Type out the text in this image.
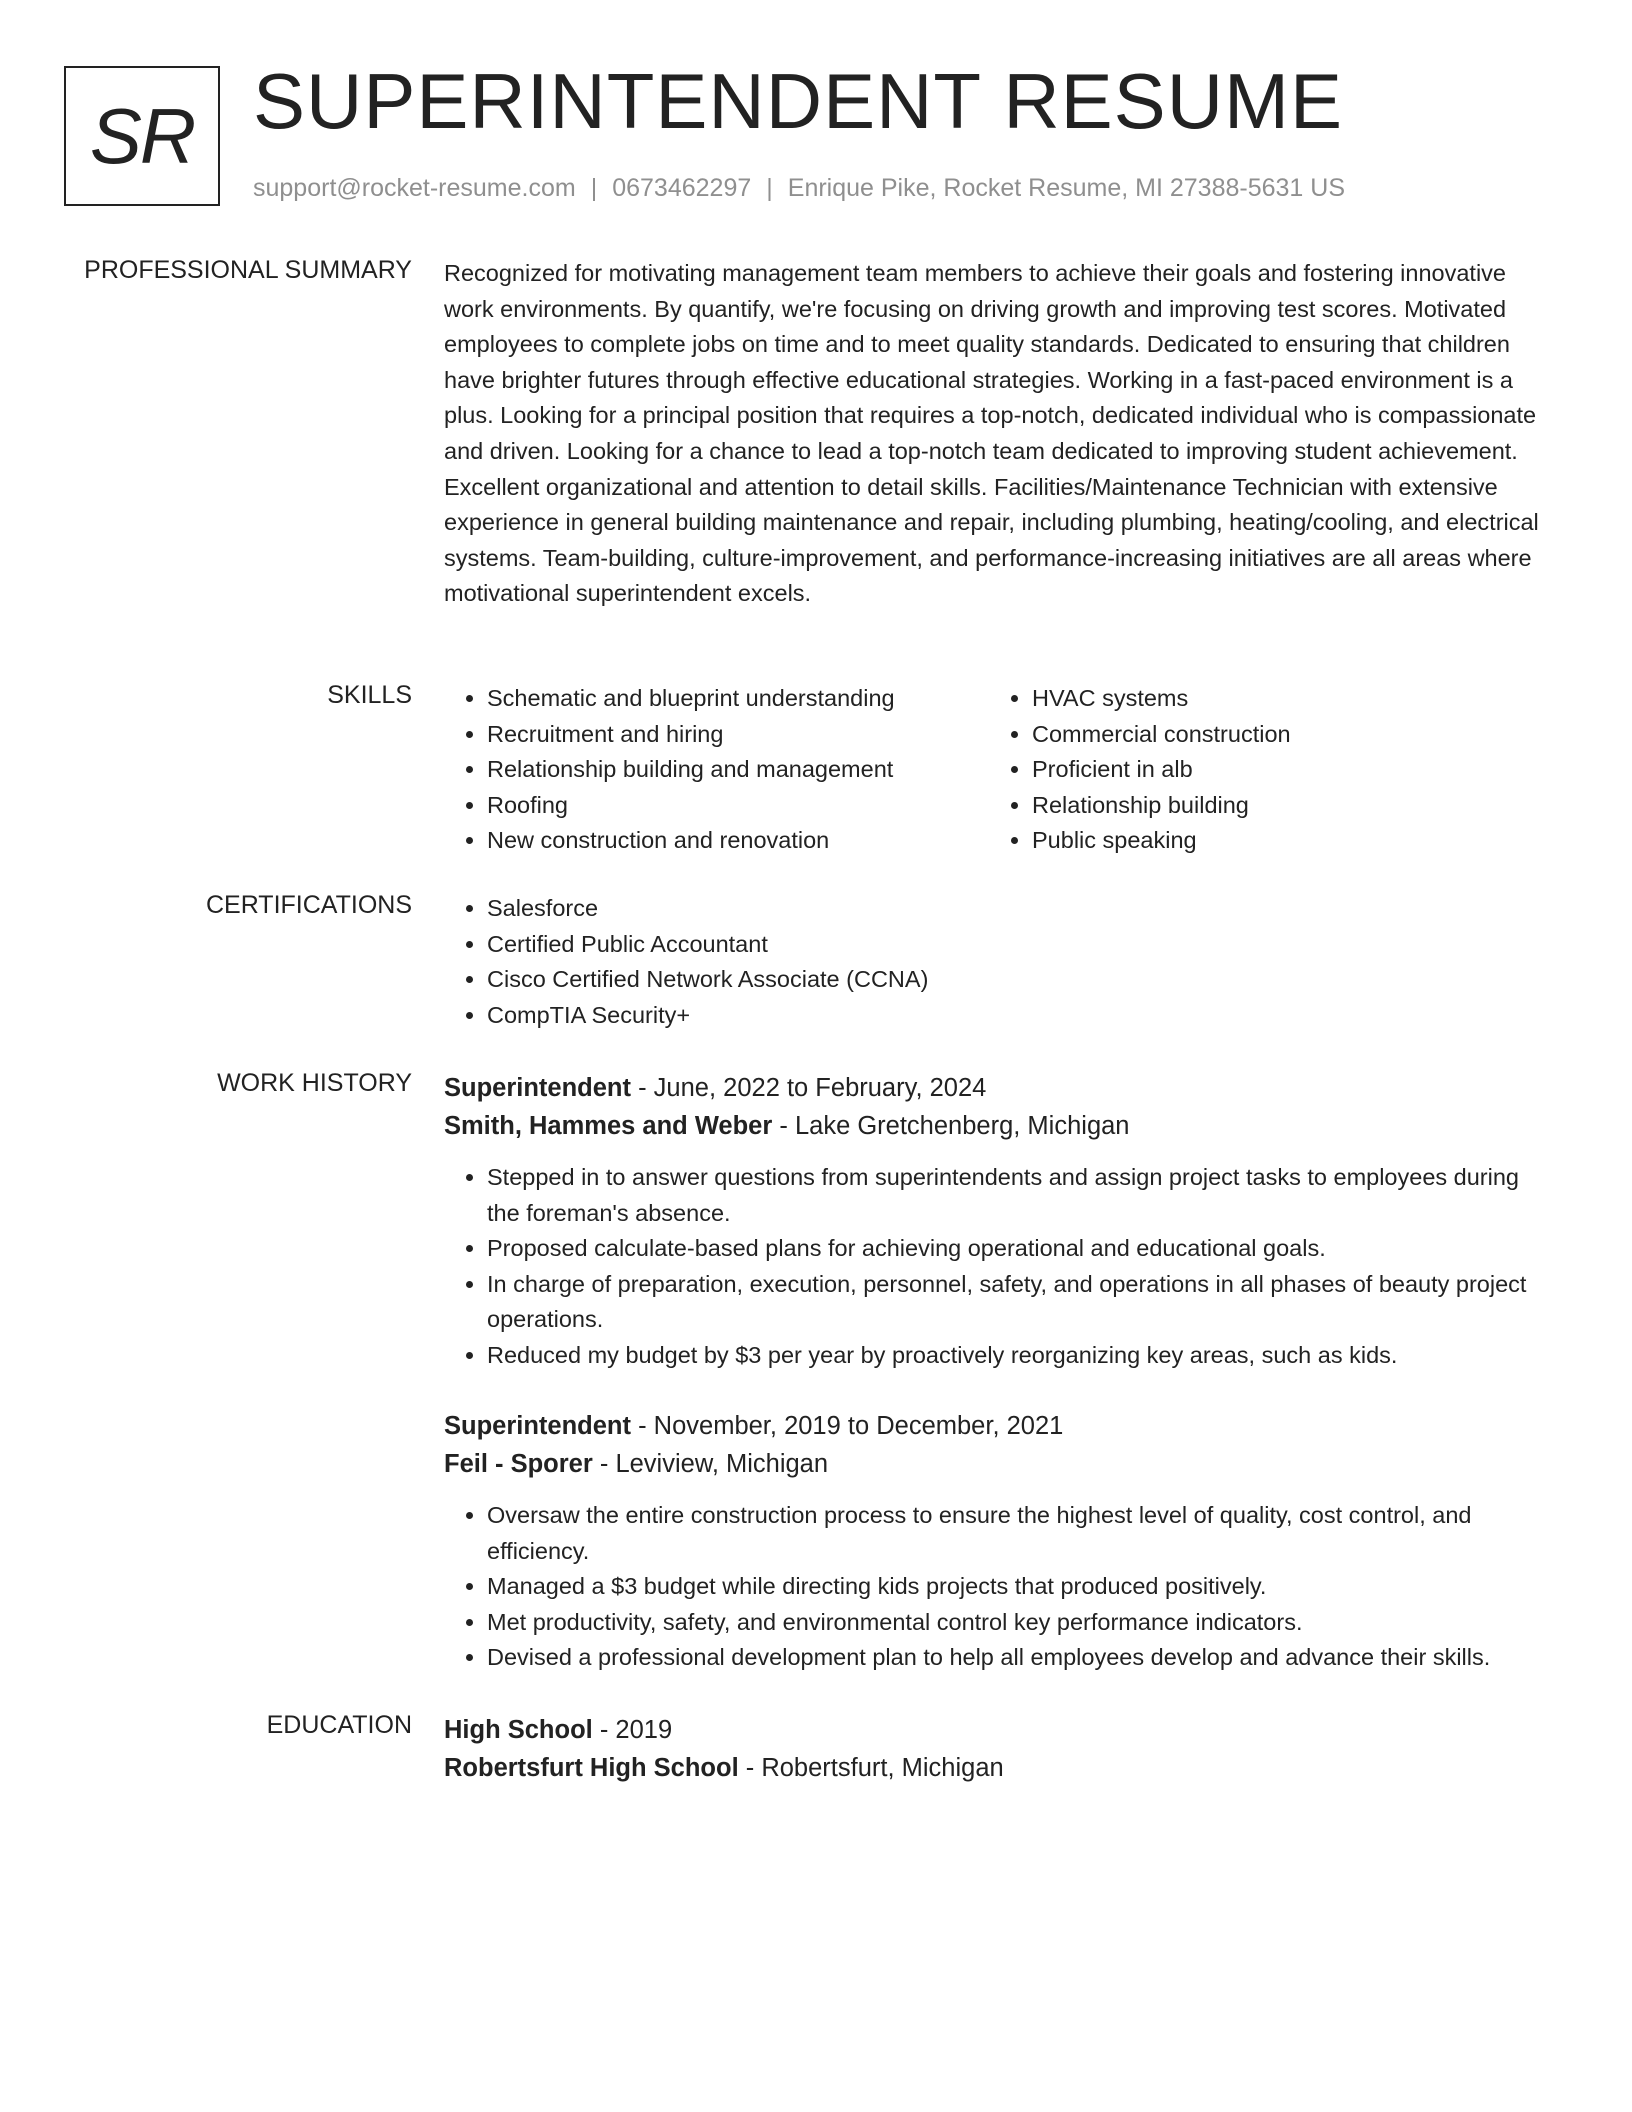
SR SUPERINTENDENT RESUME
support@rocket-resume.com | 0673462297 | Enrique Pike, Rocket Resume, MI 27388-5631 US
PROFESSIONAL SUMMARY Recognized for motivating management team members to achieve their goals and fostering innovative work environments. By quantify, we're focusing on driving growth and improving test scores. Motivated employees to complete jobs on time and to meet quality standards. Dedicated to ensuring that children have brighter futures through effective educational strategies. Working in a fast-paced environment is a plus. Looking for a principal position that requires a top-notch, dedicated individual who is compassionate and driven. Looking for a chance to lead a top-notch team dedicated to improving student achievement. Excellent organizational and attention to detail skills. Facilities/Maintenance Technician with extensive experience in general building maintenance and repair, including plumbing, heating/cooling, and electrical systems. Team-building, culture-improvement, and performance-increasing initiatives are all areas where motivational superintendent excels.

SKILLS	• Schematic and blueprint understanding
• Recruitment and hiring
• Relationship building and management
• Roofing
• New construction and renovation
• HVAC systems
• Commercial construction
• Proficient in alb
• Relationship building
• Public speaking
CERTIFICATIONS	• Salesforce
• Certified Public Accountant
• Cisco Certified Network Associate (CCNA)
• CompTIA Security+
WORK HISTORY Superintendent - June, 2022 to February, 2024
Smith, Hammes and Weber - Lake Gretchenberg, Michigan
• Stepped in to answer questions from superintendents and assign project tasks to employees during the foreman's absence.
• Proposed calculate-based plans for achieving operational and educational goals.
• In charge of preparation, execution, personnel, safety, and operations in all phases of beauty project operations.
• Reduced my budget by $3 per year by proactively reorganizing key areas, such as kids.
Superintendent - November, 2019 to December, 2021
Feil - Sporer - Leviview, Michigan
• Oversaw the entire construction process to ensure the highest level of quality, cost control, and efficiency.
• Managed a $3 budget while directing kids projects that produced positively.
• Met productivity, safety, and environmental control key performance indicators.
• Devised a professional development plan to help all employees develop and advance their skills.
EDUCATION High School - 2019
Robertsfurt High School - Robertsfurt, Michigan
